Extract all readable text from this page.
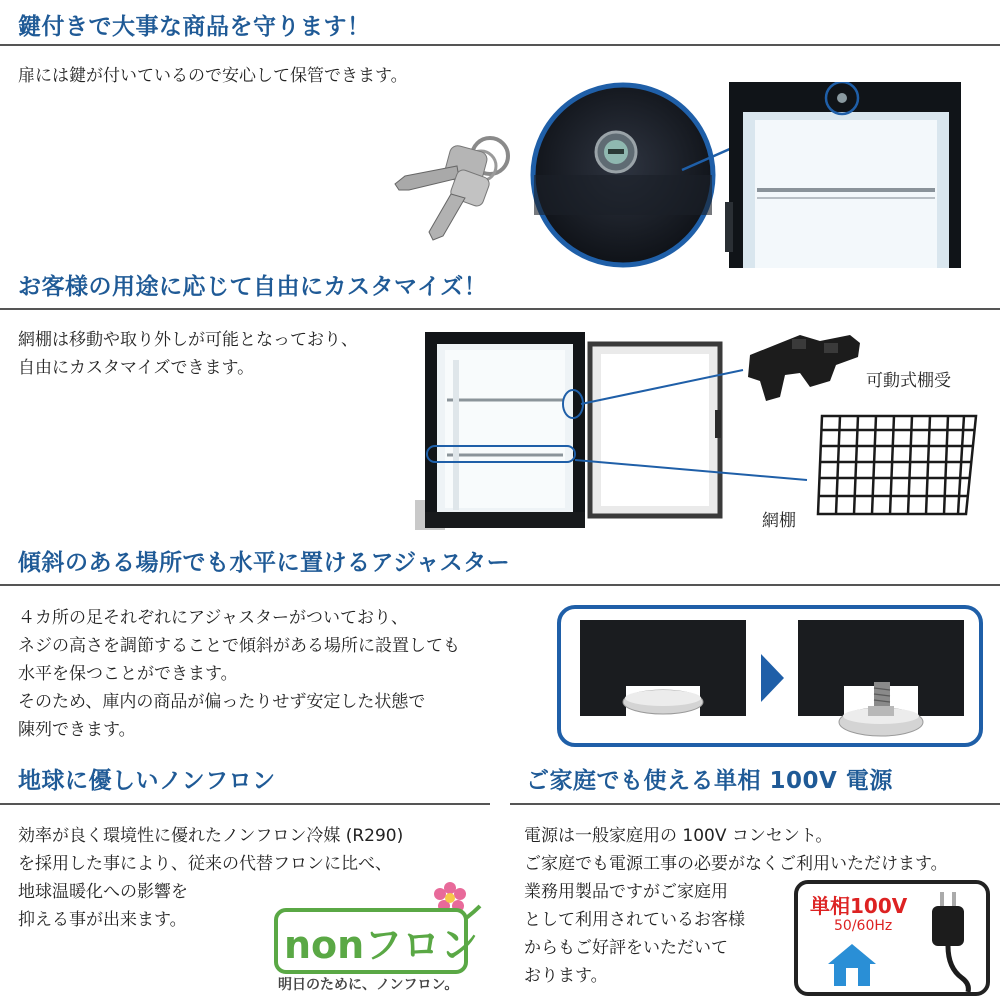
鍵付きで大事な商品を守ります！
扉には鍵が付いているので安心して保管できます。
お客様の用途に応じて自由にカスタマイズ！
網棚は移動や取り外しが可能となっており、
自由にカスタマイズできます。
可動式棚受
網棚
傾斜のある場所でも水平に置けるアジャスター
４カ所の足それぞれにアジャスターがついており、
ネジの高さを調節することで傾斜がある場所に設置しても
水平を保つことができます。
そのため、庫内の商品が偏ったりせず安定した状態で
陳列できます。
地球に優しいノンフロン
効率が良く環境性に優れたノンフロン冷媒 (R290)
を採用した事により、従来の代替フロンに比べ、
地球温暖化への影響を
抑える事が出来ます。
nonフロン
明日のために、ノンフロン。
ご家庭でも使える単相 100V 電源
電源は一般家庭用の 100V コンセント。
ご家庭でも電源工事の必要がなくご利用いただけます。
業務用製品ですがご家庭用
として利用されているお客様
からもご好評をいただいて
おります。
単相100V
50/60Hz
